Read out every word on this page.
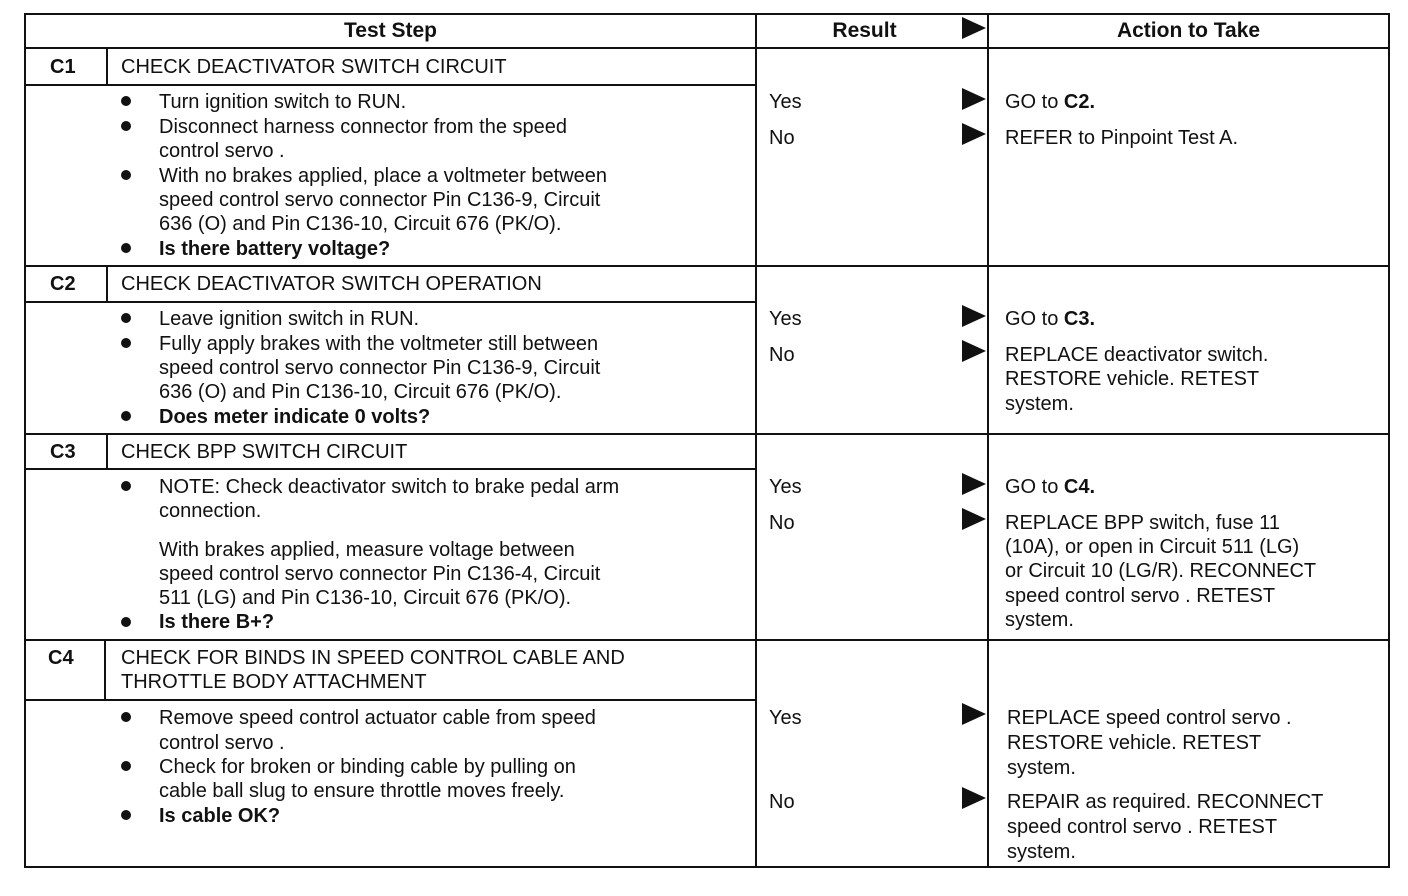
Test Step	Result	Action to Take
C1 CHECK DEACTIVATOR SWITCH CIRCUIT
Turn ignition switch to RUN.
Disconnect harness connector from the speed
control servo .
With no brakes applied, place a voltmeter between
speed control servo connector Pin C136-9, Circuit
636 (O) and Pin C136-10, Circuit 676 (PK/O).
Is there battery voltage?
Yes
No
GO to C2.
REFER to Pinpoint Test A.
C2 CHECK DEACTIVATOR SWITCH OPERATION
Leave ignition switch in RUN.
Fully apply brakes with the voltmeter still between
speed control servo connector Pin C136-9, Circuit
636 (O) and Pin C136-10, Circuit 676 (PK/O).
Does meter indicate 0 volts?
Yes
No
GO to C3.
REPLACE deactivator switch.
RESTORE vehicle. RETEST
system.
C3 CHECK BPP SWITCH CIRCUIT
NOTE: Check deactivator switch to brake pedal arm
connection.
With brakes applied, measure voltage between
speed control servo connector Pin C136-4, Circuit
511 (LG) and Pin C136-10, Circuit 676 (PK/O).
Is there B+?
Yes
No
GO to C4.
REPLACE BPP switch, fuse 11
(10A), or open in Circuit 511 (LG)
or Circuit 10 (LG/R). RECONNECT
speed control servo . RETEST
system.
C4 CHECK FOR BINDS IN SPEED CONTROL CABLE AND
THROTTLE BODY ATTACHMENT
Remove speed control actuator cable from speed
control servo .
Check for broken or binding cable by pulling on
cable ball slug to ensure throttle moves freely.
Is cable OK?
Yes
No
REPLACE speed control servo .
RESTORE vehicle. RETEST
system.
REPAIR as required. RECONNECT
speed control servo . RETEST
system.
